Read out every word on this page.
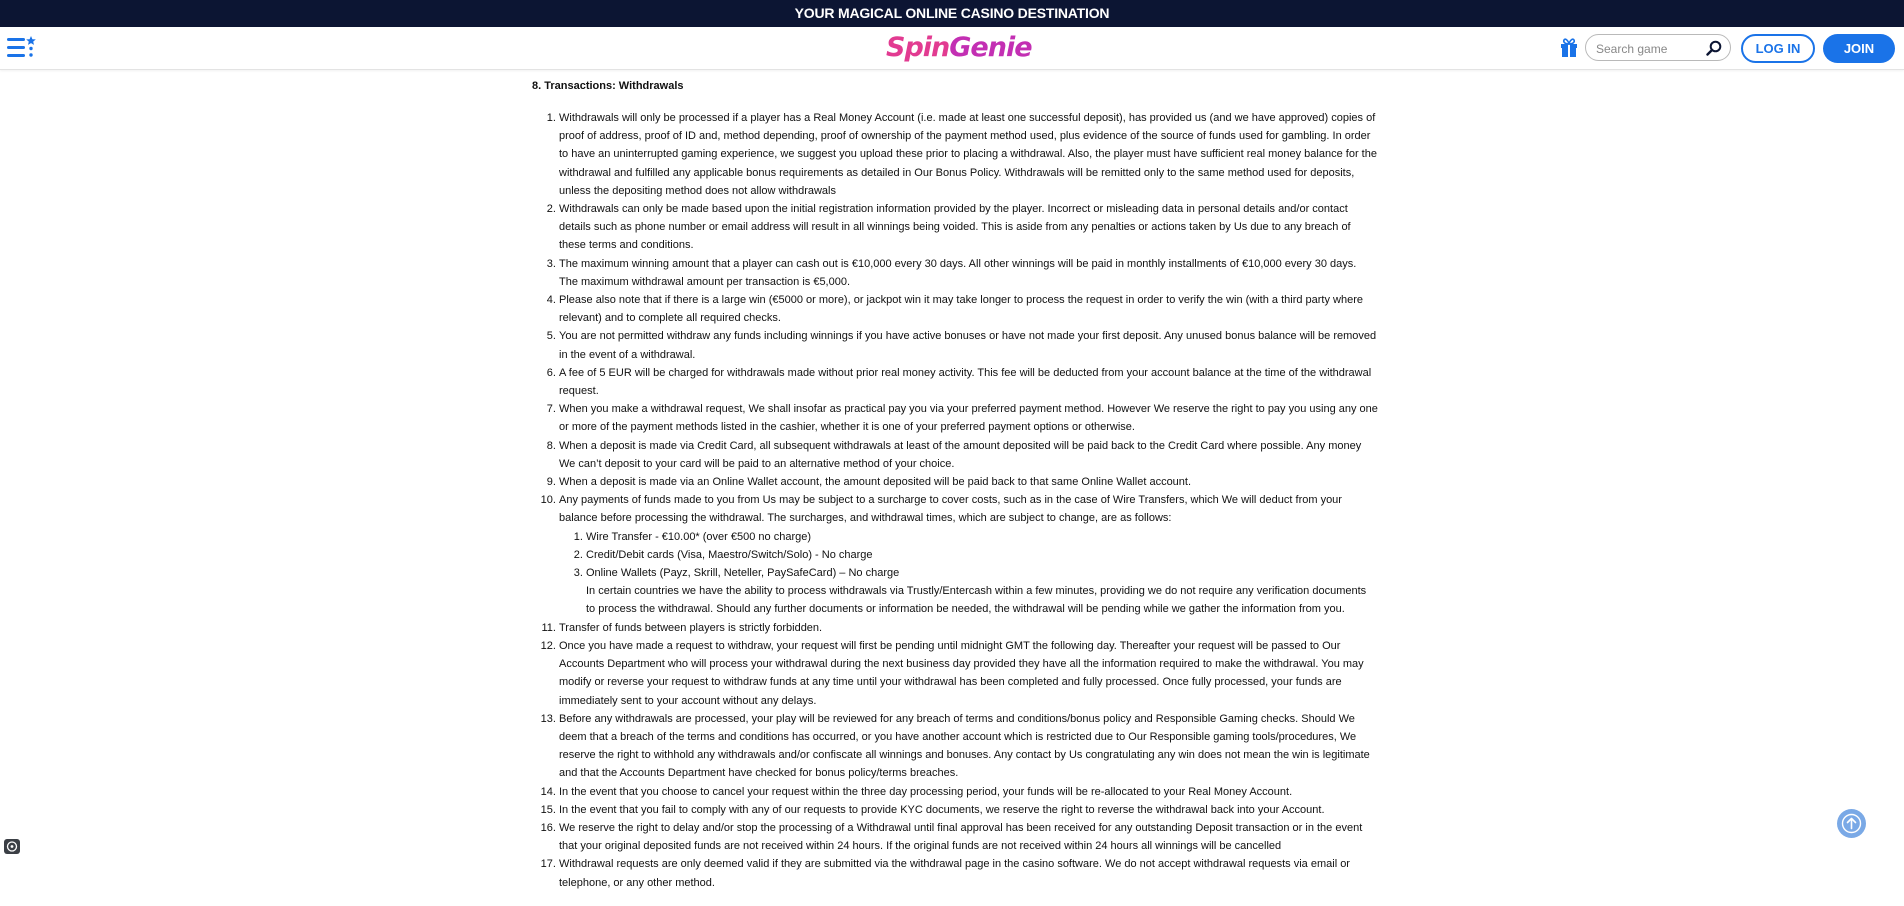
YOUR MAGICAL ONLINE CASINO DESTINATION
SpinGenie
Search game	LOG IN	JOIN
8. Transactions: Withdrawals
1. Withdrawals will only be processed if a player has a Real Money Account (i.e. made at least one successful deposit), has provided us (and we have approved) copies of proof of address, proof of ID and, method depending, proof of ownership of the payment method used, plus evidence of the source of funds used for gambling. In order to have an uninterrupted gaming experience, we suggest you upload these prior to placing a withdrawal. Also, the player must have sufficient real money balance for the withdrawal and fulfilled any applicable bonus requirements as detailed in Our Bonus Policy. Withdrawals will be remitted only to the same method used for deposits, unless the depositing method does not allow withdrawals
2. Withdrawals can only be made based upon the initial registration information provided by the player. Incorrect or misleading data in personal details and/or contact details such as phone number or email address will result in all winnings being voided. This is aside from any penalties or actions taken by Us due to any breach of these terms and conditions.
3. The maximum winning amount that a player can cash out is €10,000 every 30 days. All other winnings will be paid in monthly installments of €10,000 every 30 days. The maximum withdrawal amount per transaction is €5,000.
4. Please also note that if there is a large win (€5000 or more), or jackpot win it may take longer to process the request in order to verify the win (with a third party where relevant) and to complete all required checks.
5. You are not permitted withdraw any funds including winnings if you have active bonuses or have not made your first deposit. Any unused bonus balance will be removed in the event of a withdrawal.
6. A fee of 5 EUR will be charged for withdrawals made without prior real money activity. This fee will be deducted from your account balance at the time of the withdrawal request.
7. When you make a withdrawal request, We shall insofar as practical pay you via your preferred payment method. However We reserve the right to pay you using any one or more of the payment methods listed in the cashier, whether it is one of your preferred payment options or otherwise.
8. When a deposit is made via Credit Card, all subsequent withdrawals at least of the amount deposited will be paid back to the Credit Card where possible. Any money We can’t deposit to your card will be paid to an alternative method of your choice.
9. When a deposit is made via an Online Wallet account, the amount deposited will be paid back to that same Online Wallet account.
10. Any payments of funds made to you from Us may be subject to a surcharge to cover costs, such as in the case of Wire Transfers, which We will deduct from your balance before processing the withdrawal. The surcharges, and withdrawal times, which are subject to change, are as follows:
1. Wire Transfer - €10.00* (over €500 no charge)
2. Credit/Debit cards (Visa, Maestro/Switch/Solo) - No charge
3. Online Wallets (Payz, Skrill, Neteller, PaySafeCard) – No charge
In certain countries we have the ability to process withdrawals via Trustly/Entercash within a few minutes, providing we do not require any verification documents to process the withdrawal. Should any further documents or information be needed, the withdrawal will be pending while we gather the information from you.
11. Transfer of funds between players is strictly forbidden.
12. Once you have made a request to withdraw, your request will first be pending until midnight GMT the following day. Thereafter your request will be passed to Our Accounts Department who will process your withdrawal during the next business day provided they have all the information required to make the withdrawal. You may modify or reverse your request to withdraw funds at any time until your withdrawal has been completed and fully processed. Once fully processed, your funds are immediately sent to your account without any delays.
13. Before any withdrawals are processed, your play will be reviewed for any breach of terms and conditions/bonus policy and Responsible Gaming checks. Should We deem that a breach of the terms and conditions has occurred, or you have another account which is restricted due to Our Responsible gaming tools/procedures, We reserve the right to withhold any withdrawals and/or confiscate all winnings and bonuses. Any contact by Us congratulating any win does not mean the win is legitimate and that the Accounts Department have checked for bonus policy/terms breaches.
14. In the event that you choose to cancel your request within the three day processing period, your funds will be re-allocated to your Real Money Account.
15. In the event that you fail to comply with any of our requests to provide KYC documents, we reserve the right to reverse the withdrawal back into your Account.
16. We reserve the right to delay and/or stop the processing of a Withdrawal until final approval has been received for any outstanding Deposit transaction or in the event that your original deposited funds are not received within 24 hours. If the original funds are not received within 24 hours all winnings will be cancelled
17. Withdrawal requests are only deemed valid if they are submitted via the withdrawal page in the casino software. We do not accept withdrawal requests via email or telephone, or any other method.
